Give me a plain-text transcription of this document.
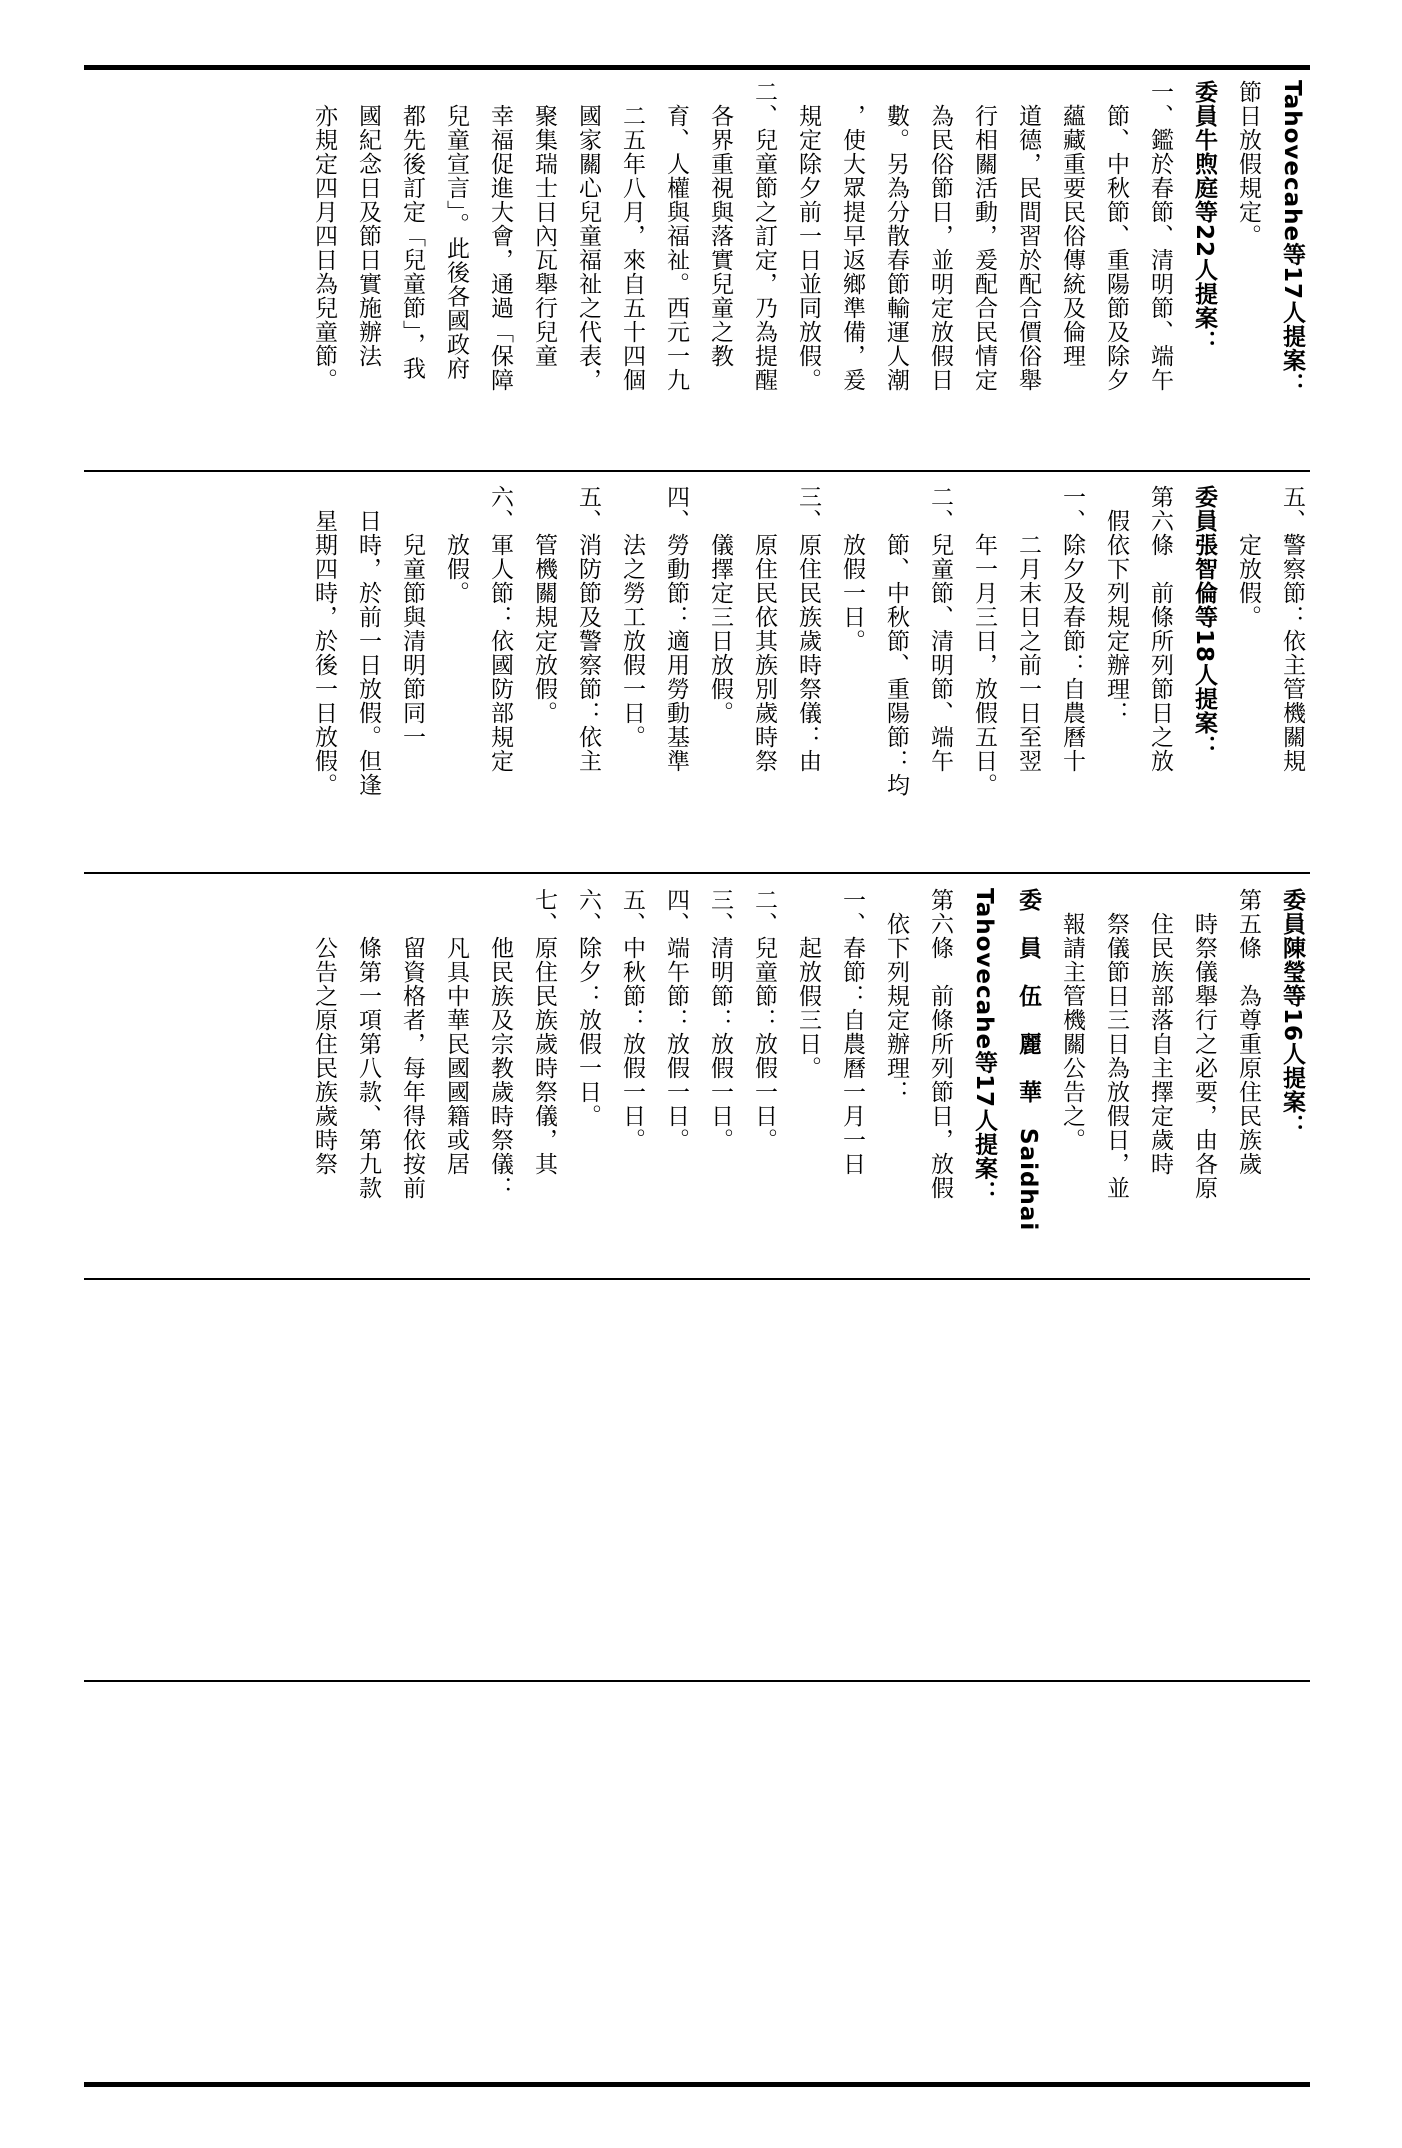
Tahovecahe等17人提案：
節日放假規定。
委員牛煦庭等22人提案：
一、鑑於春節、清明節、端午
　節、中秋節、重陽節及除夕
　蘊藏重要民俗傳統及倫理
　道德，民間習於配合價俗舉
　行相關活動，爰配合民情定
　為民俗節日，並明定放假日
　數。另為分散春節輸運人潮
　，使大眾提早返鄉準備，爰
　規定除夕前一日並同放假。
二、兒童節之訂定，乃為提醒
　各界重視與落實兒童之教
　育、人權與福祉。西元一九
　二五年八月，來自五十四個
　國家關心兒童福祉之代表，
　聚集瑞士日內瓦舉行兒童
　幸福促進大會，通過「保障
　兒童宣言」。此後各國政府
　都先後訂定「兒童節」，我
　國紀念日及節日實施辦法
　亦規定四月四日為兒童節。
五、警察節：依主管機關規
　　定放假。
委員張智倫等18人提案：
第六條　前條所列節日之放
　假依下列規定辦理：
一、除夕及春節：自農曆十
　　二月末日之前一日至翌
　　年一月三日，放假五日。
二、兒童節、清明節、端午
　　節、中秋節、重陽節：均
　　放假一日。
三、原住民族歲時祭儀：由
　　原住民依其族別歲時祭
　　儀擇定三日放假。
四、勞動節：適用勞動基準
　　法之勞工放假一日。
五、消防節及警察節：依主
　　管機關規定放假。
六、軍人節：依國防部規定
　　放假。
　　兒童節與清明節同一
　日時，於前一日放假。但逢
　星期四時，於後一日放假。
委員陳瑩等16人提案：
第五條　為尊重原住民族歲
　時祭儀舉行之必要，由各原
　住民族部落自主擇定歲時
　祭儀節日三日為放假日，並
　報請主管機關公告之。
委　員　伍　麗　華　Saidhai
Tahovecahe等17人提案：
第六條　前條所列節日，放假
　依下列規定辦理：
一、春節：自農曆一月一日
　　起放假三日。
二、兒童節：放假一日。
三、清明節：放假一日。
四、端午節：放假一日。
五、中秋節：放假一日。
六、除夕：放假一日。
七、原住民族歲時祭儀，其
　　他民族及宗教歲時祭儀：
　　凡具中華民國國籍或居
　　留資格者，每年得依按前
　　條第一項第八款、第九款
　　公告之原住民族歲時祭
